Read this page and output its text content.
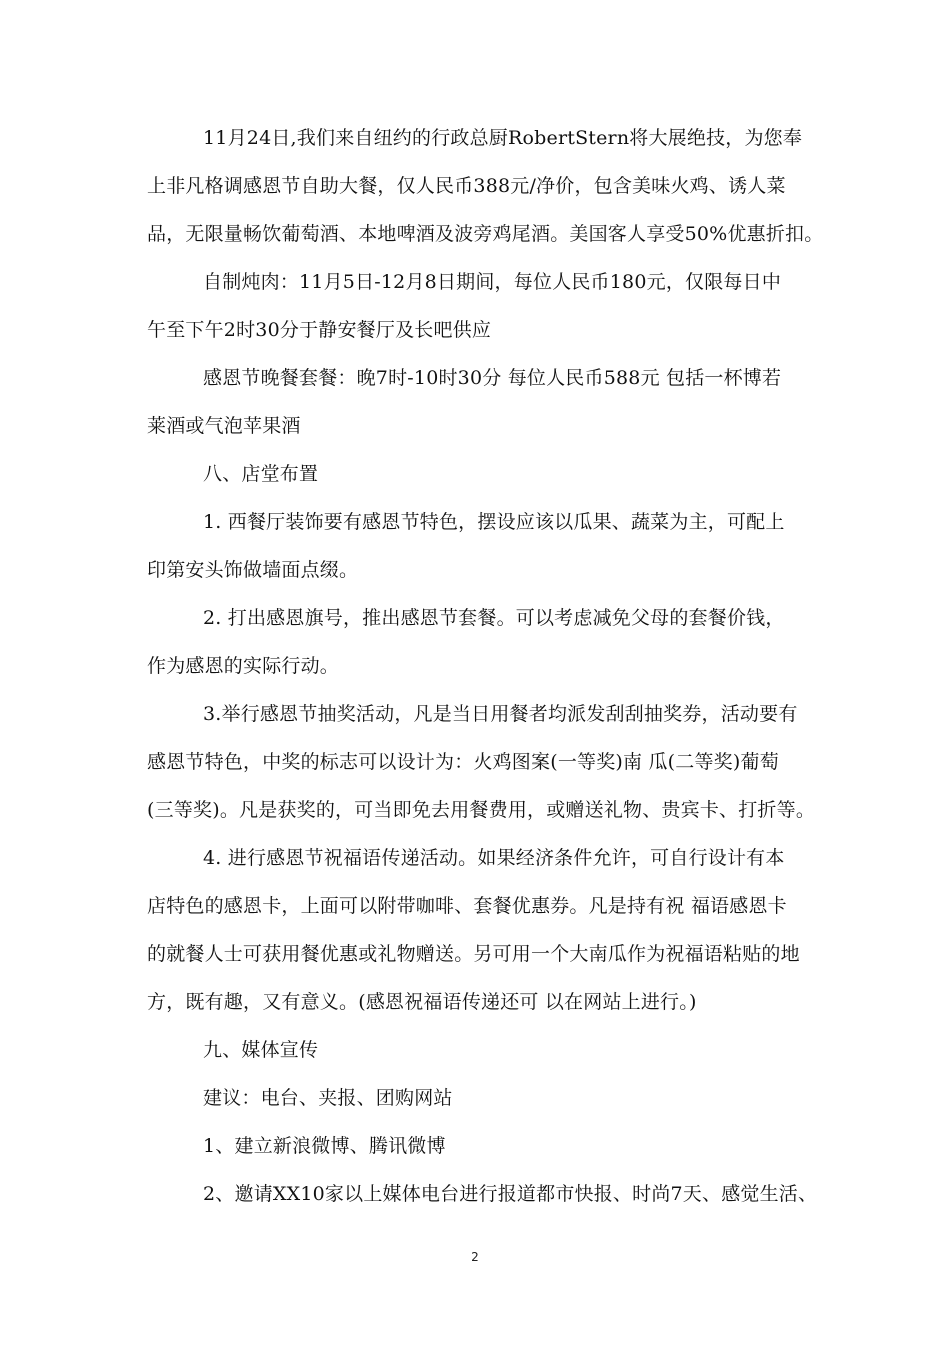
11月24日,我们来自纽约的行政总厨RobertStern将大展绝技，为您奉
上非凡格调感恩节自助大餐，仅人民币388元/净价，包含美味火鸡、诱人菜
品，无限量畅饮葡萄酒、本地啤酒及波旁鸡尾酒。美国客人享受50%优惠折扣。
自制炖肉：11月5日-12月8日期间，每位人民币180元，仅限每日中
午至下午2时30分于静安餐厅及长吧供应
感恩节晚餐套餐：晚7时-10时30分 每位人民币588元 包括一杯博若
莱酒或气泡苹果酒
八、店堂布置
1. 西餐厅装饰要有感恩节特色，摆设应该以瓜果、蔬菜为主，可配上
印第安头饰做墙面点缀。
2. 打出感恩旗号，推出感恩节套餐。可以考虑减免父母的套餐价钱，
作为感恩的实际行动。
3.举行感恩节抽奖活动，凡是当日用餐者均派发刮刮抽奖券，活动要有
感恩节特色，中奖的标志可以设计为：火鸡图案(一等奖)南 瓜(二等奖)葡萄
(三等奖)。凡是获奖的，可当即免去用餐费用，或赠送礼物、贵宾卡、打折等。
4. 进行感恩节祝福语传递活动。如果经济条件允许，可自行设计有本
店特色的感恩卡，上面可以附带咖啡、套餐优惠券。凡是持有祝 福语感恩卡
的就餐人士可获用餐优惠或礼物赠送。另可用一个大南瓜作为祝福语粘贴的地
方，既有趣，又有意义。(感恩祝福语传递还可 以在网站上进行。)
九、媒体宣传
建议：电台、夹报、团购网站
1、建立新浪微博、腾讯微博
2、邀请XX10家以上媒体电台进行报道都市快报、时尚7天、感觉生活、
2
